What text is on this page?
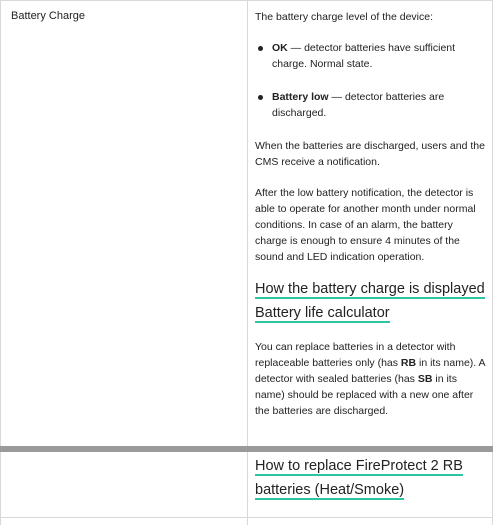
Battery Charge	The battery charge level of the device:

OK — detector batteries have sufficient charge. Normal state.
Battery low — detector batteries are discharged.

When the batteries are discharged, users and the CMS receive a notification.

After the low battery notification, the detector is able to operate for another month under normal conditions. In case of an alarm, the battery charge is enough to ensure 4 minutes of the sound and LED indication operation.

How the battery charge is displayed
Battery life calculator

You can replace batteries in a detector with replaceable batteries only (has RB in its name). A detector with sealed batteries (has SB in its name) should be replaced with a new one after the batteries are discharged.

How to replace FireProtect 2 RB batteries (Heat/Smoke)
